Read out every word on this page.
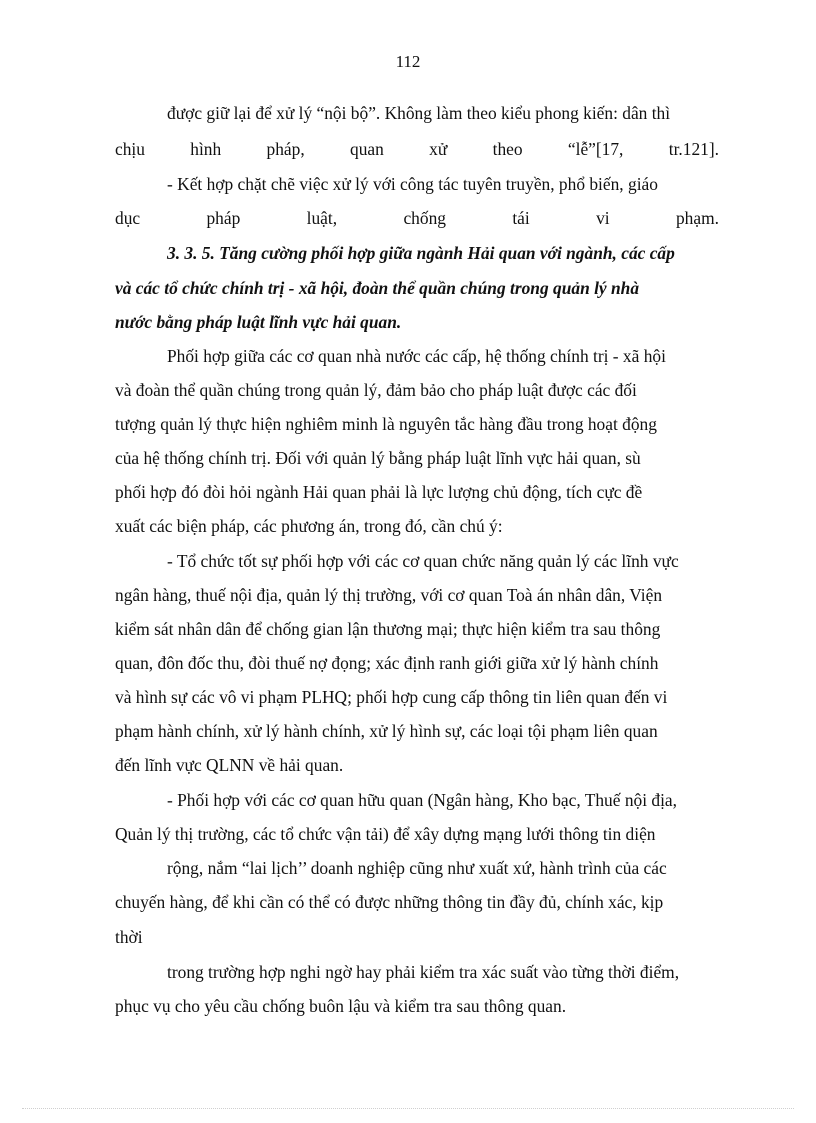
112
được giữ lại để xử lý “nội bộ”. Không làm theo kiểu phong kiến: dân thì
chịu	hình	pháp,	quan	xử	theo	“lễ”[17,	tr.121].
- Kết hợp chặt chẽ việc xử lý với công tác tuyên truyền, phổ biến, giáo
dục	pháp	luật,	chống	tái	vi	phạm.
3. 3. 5. Tăng cường phối hợp giữa ngành Hải quan với ngành, các cấp
và các tổ chức chính trị - xã hội, đoàn thể quần chúng trong quản lý nhà
nước bằng pháp luật lĩnh vực hải quan.
Phối hợp giữa các cơ quan nhà nước các cấp, hệ thống chính trị - xã hội
và đoàn thể quần chúng trong quản lý, đảm bảo cho pháp luật được các đối
tượng quản lý thực hiện nghiêm minh là nguyên tắc hàng đầu trong hoạt động
của hệ thống chính trị. Đối với quản lý bằng pháp luật lĩnh vực hải quan, sù
phối hợp đó đòi hỏi ngành Hải quan phải là lực lượng chủ động, tích cực đề
xuất các biện pháp, các phương án, trong đó, cần chú ý:
- Tổ chức tốt sự phối hợp với các cơ quan chức năng quản lý các lĩnh vực
ngân hàng, thuế nội địa, quản lý thị trường, với cơ quan Toà án nhân dân, Viện
kiểm sát nhân dân để chống gian lận thương mại; thực hiện kiểm tra sau thông
quan, đôn đốc thu, đòi thuế nợ đọng; xác định ranh giới giữa xử lý hành chính
và hình sự các vô vi phạm PLHQ; phối hợp cung cấp thông tin liên quan đến vi
phạm hành chính, xử lý hành chính, xử lý hình sự, các loại tội phạm liên quan
đến lĩnh vực QLNN về hải quan.
- Phối hợp với các cơ quan hữu quan (Ngân hàng, Kho bạc, Thuế nội địa,
Quản lý thị trường, các tổ chức vận tải) để xây dựng mạng lưới thông tin diện
rộng, nắm “lai lịch’’ doanh nghiệp cũng như xuất xứ, hành trình của các
chuyến hàng, để khi cần có thể có được những thông tin đầy đủ, chính xác, kịp
thời
trong trường hợp nghi ngờ hay phải kiểm tra xác suất vào từng thời điểm,
phục vụ cho yêu cầu chống buôn lậu và kiểm tra sau thông quan.
